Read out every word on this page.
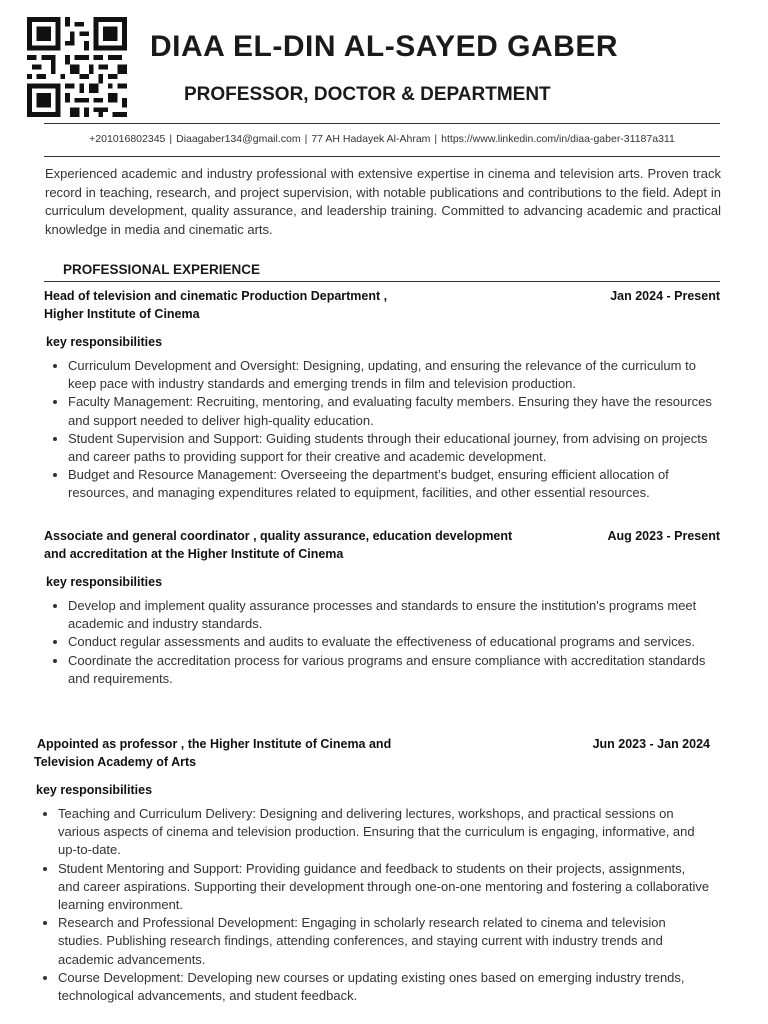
DIAA EL-DIN AL-SAYED GABER
PROFESSOR, DOCTOR & DEPARTMENT
+201016802345 | Diaagaber134@gmail.com | 77 AH Hadayek Al-Ahram | https://www.linkedin.com/in/diaa-gaber-31187a311
Experienced academic and industry professional with extensive expertise in cinema and television arts. Proven track record in teaching, research, and project supervision, with notable publications and contributions to the field. Adept in curriculum development, quality assurance, and leadership training. Committed to advancing academic and practical knowledge in media and cinematic arts.
PROFESSIONAL EXPERIENCE
Head of television and cinematic Production Department ,
Higher Institute of Cinema
Jan 2024 - Present
key responsibilities
• Curriculum Development and Oversight: Designing, updating, and ensuring the relevance of the curriculum to keep pace with industry standards and emerging trends in film and television production.
• Faculty Management: Recruiting, mentoring, and evaluating faculty members. Ensuring they have the resources and support needed to deliver high-quality education.
• Student Supervision and Support: Guiding students through their educational journey, from advising on projects and career paths to providing support for their creative and academic development.
• Budget and Resource Management: Overseeing the department’s budget, ensuring efficient allocation of resources, and managing expenditures related to equipment, facilities, and other essential resources.
Associate and general coordinator , quality assurance, education development
and accreditation at the Higher Institute of Cinema
Aug 2023 - Present
key responsibilities
• Develop and implement quality assurance processes and standards to ensure the institution's programs meet academic and industry standards.
• Conduct regular assessments and audits to evaluate the effectiveness of educational programs and services.
• Coordinate the accreditation process for various programs and ensure compliance with accreditation standards and requirements.
Appointed as professor , the Higher Institute of Cinema and
Television Academy of Arts
Jun 2023 - Jan 2024
key responsibilities
• Teaching and Curriculum Delivery: Designing and delivering lectures, workshops, and practical sessions on various aspects of cinema and television production. Ensuring that the curriculum is engaging, informative, and up-to-date.
• Student Mentoring and Support: Providing guidance and feedback to students on their projects, assignments, and career aspirations. Supporting their development through one-on-one mentoring and fostering a collaborative learning environment.
• Research and Professional Development: Engaging in scholarly research related to cinema and television studies. Publishing research findings, attending conferences, and staying current with industry trends and academic advancements.
• Course Development: Developing new courses or updating existing ones based on emerging industry trends, technological advancements, and student feedback.
